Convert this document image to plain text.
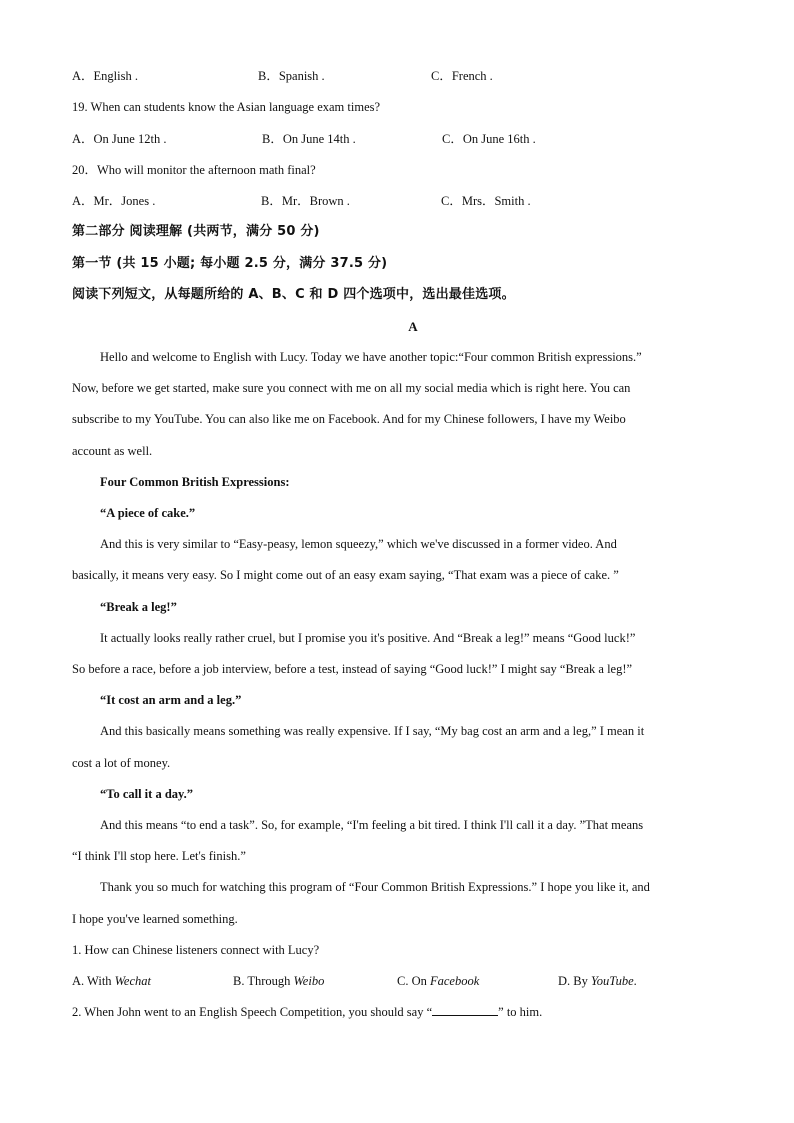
A．English .	B．Spanish .	C．French .
19. When can students know the Asian language exam times?
A．On June 12th .	B．On June 14th .	C．On June 16th .
20．Who will monitor the afternoon math final?
A．Mr．Jones .	B．Mr．Brown .	C．Mrs．Smith .
第二部分 阅读理解 (共两节，满分 50 分)
第一节 (共 15 小题; 每小题 2.5 分，满分 37.5 分)
阅读下列短文，从每题所给的 A、B、C 和 D 四个选项中，选出最佳选项。
A
Hello and welcome to English with Lucy. Today we have another topic:“Four common British expressions.”
Now, before we get started, make sure you connect with me on all my social media which is right here. You can
subscribe to my YouTube. You can also like me on Facebook. And for my Chinese followers, I have my Weibo
account as well.
Four Common British Expressions:
“A piece of cake.”
And this is very similar to “Easy-peasy, lemon squeezy,” which we've discussed in a former video. And
basically, it means very easy. So I might come out of an easy exam saying, “That exam was a piece of cake. ”
“Break a leg!”
It actually looks really rather cruel, but I promise you it's positive. And “Break a leg!” means “Good luck!”
So before a race, before a job interview, before a test, instead of saying “Good luck!” I might say “Break a leg!”
“It cost an arm and a leg.”
And this basically means something was really expensive. If I say, “My bag cost an arm and a leg,” I mean it
cost a lot of money.
“To call it a day.”
And this means “to end a task”. So, for example, “I'm feeling a bit tired. I think I'll call it a day. ”That means
“I think I'll stop here. Let's finish.”
Thank you so much for watching this program of “Four Common British Expressions.” I hope you like it, and
I hope you've learned something.
1. How can Chinese listeners connect with Lucy?
A. With Wechat	B. Through Weibo	C. On Facebook	D. By YouTube.
2. When John went to an English Speech Competition, you should say “	” to him.
